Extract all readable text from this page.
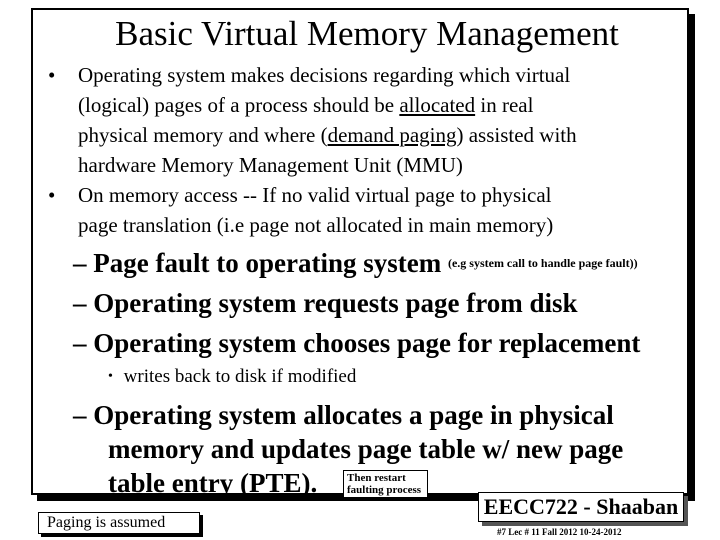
Basic Virtual Memory Management
• Operating system makes decisions regarding which virtual
(logical) pages of a process should be allocated in real
physical memory and where (demand paging) assisted with
hardware Memory Management Unit (MMU)
• On memory access -- If no valid virtual page to physical
page translation (i.e page not allocated in main memory)
– Page fault to operating system (e.g system call to handle page fault))
– Operating system requests page from disk
– Operating system chooses page for replacement
• writes back to disk if modified
– Operating system allocates a page in physical
memory and updates page table w/ new page
table entry (PTE).	Then restart faulting process
Paging is assumed
EECC722 - Shaaban
#7 Lec # 11 Fall 2012 10-24-2012
